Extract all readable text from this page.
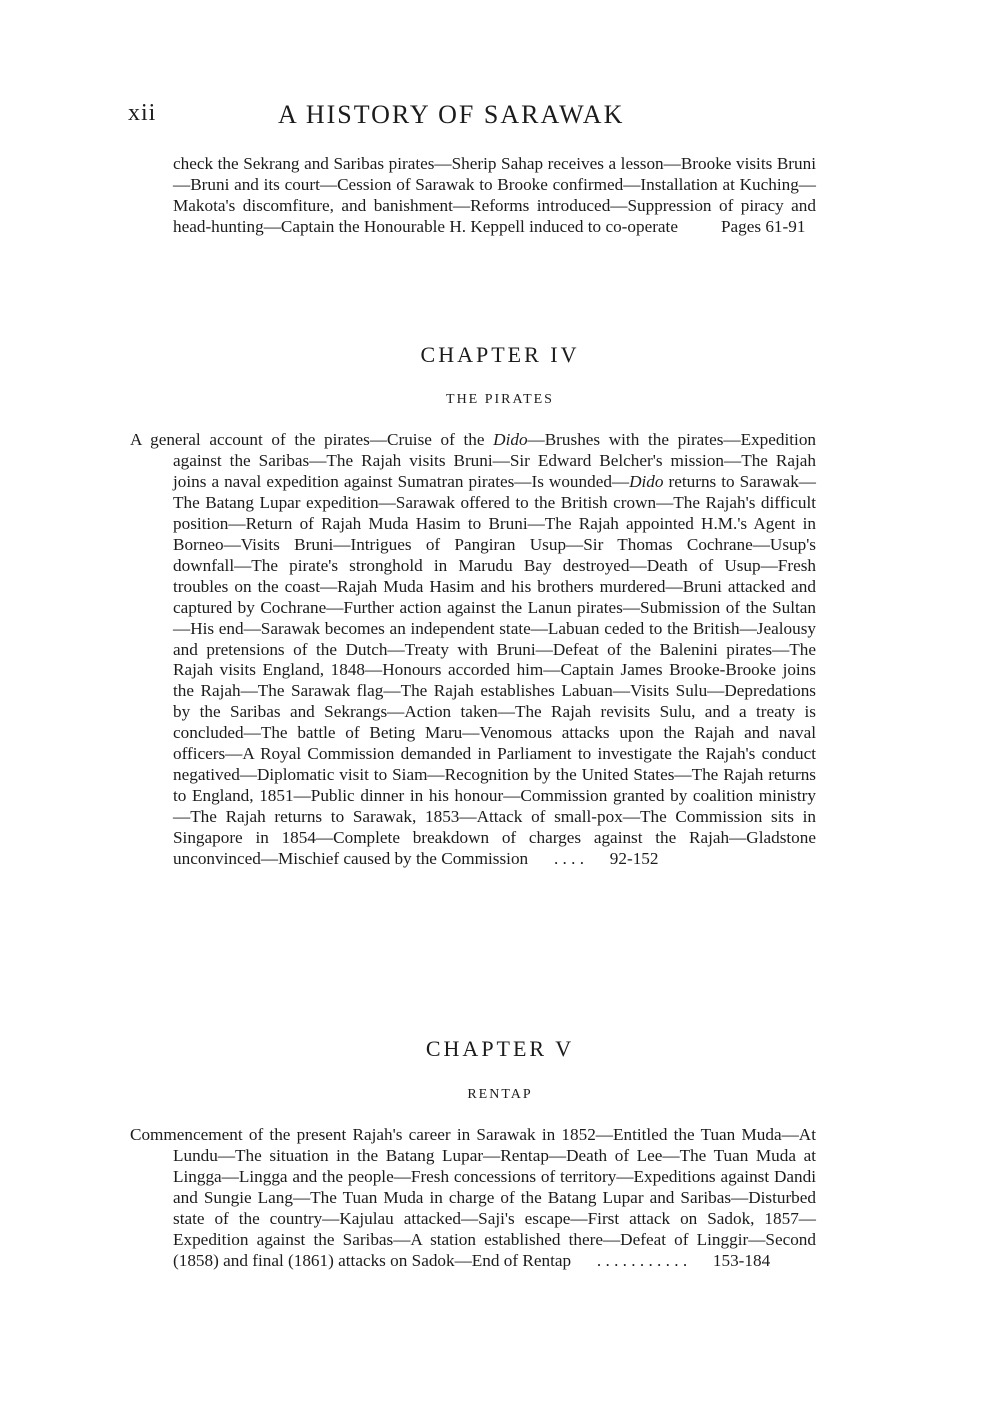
xii	A HISTORY OF SARAWAK

check the Sekrang and Saribas pirates—Sherip Sahap receives a lesson—Brooke visits Bruni—Bruni and its court—Cession of Sarawak to Brooke confirmed—Installation at Kuching—Makota's discomfiture, and banishment—Reforms introduced—Suppression of piracy and head-hunting—Captain the Honourable H. Keppell induced to co-operate    Pages 61-91

CHAPTER IV
THE PIRATES

A general account of the pirates—Cruise of the Dido—Brushes with the pirates—Expedition against the Saribas—The Rajah visits Bruni—Sir Edward Belcher's mission—The Rajah joins a naval expedition against Sumatran pirates—Is wounded—Dido returns to Sarawak—The Batang Lupar expedition—Sarawak offered to the British crown—The Rajah's difficult position—Return of Rajah Muda Hasim to Bruni—The Rajah appointed H.M.'s Agent in Borneo—Visits Bruni—Intrigues of Pangiran Usup—Sir Thomas Cochrane—Usup's downfall—The pirate's stronghold in Marudu Bay destroyed—Death of Usup—Fresh troubles on the coast—Rajah Muda Hasim and his brothers murdered—Bruni attacked and captured by Cochrane—Further action against the Lanun pirates—Submission of the Sultan—His end—Sarawak becomes an independent state—Labuan ceded to the British—Jealousy and pretensions of the Dutch—Treaty with Bruni—Defeat of the Balenini pirates—The Rajah visits England, 1848—Honours accorded him—Captain James Brooke-Brooke joins the Rajah—The Sarawak flag—The Rajah establishes Labuan—Visits Sulu—Depredations by the Saribas and Sekrangs—Action taken—The Rajah revisits Sulu, and a treaty is concluded—The battle of Beting Maru—Venomous attacks upon the Rajah and naval officers—A Royal Commission demanded in Parliament to investigate the Rajah's conduct negatived—Diplomatic visit to Siam—Recognition by the United States—The Rajah returns to England, 1851—Public dinner in his honour—Commission granted by coalition ministry—The Rajah returns to Sarawak, 1853—Attack of small-pox—The Commission sits in Singapore in 1854—Complete breakdown of charges against the Rajah—Gladstone unconvinced—Mischief caused by the Commission   . . . .   92-152

CHAPTER V
RENTAP

Commencement of the present Rajah's career in Sarawak in 1852—Entitled the Tuan Muda—At Lundu—The situation in the Batang Lupar—Rentap—Death of Lee—The Tuan Muda at Lingga—Lingga and the people—Fresh concessions of territory—Expeditions against Dandi and Sungie Lang—The Tuan Muda in charge of the Batang Lupar and Saribas—Disturbed state of the country—Kajulau attacked—Saji's escape—First attack on Sadok, 1857—Expedition against the Saribas—A station established there—Defeat of Linggir—Second (1858) and final (1861) attacks on Sadok—End of Rentap   . . . . . . . . . . .   153-184
